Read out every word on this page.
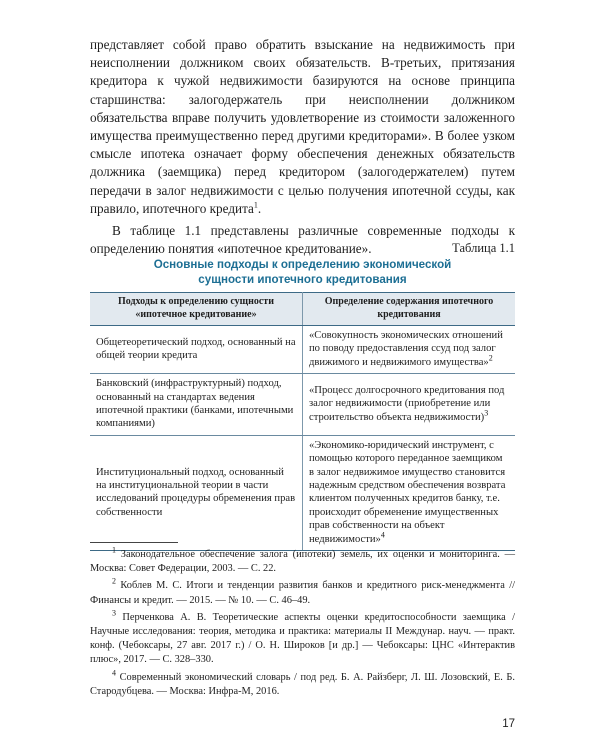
представляет собой право обратить взыскание на недвижимость при неисполнении должником своих обязательств. В-третьих, притязания кредитора к чужой недвижимости базируются на основе принципа старшинства: залогодержатель при неисполнении должником обязательства вправе получить удовлетворение из стоимости заложенного имущества преимущественно перед другими кредиторами». В более узком смысле ипотека означает форму обеспечения денежных обязательств должника (заемщика) перед кредитором (залогодержателем) путем передачи в залог недвижимости с целью получения ипотечной ссуды, как правило, ипотечного кредита$^1$.

В таблице 1.1 представлены различные современные подходы к определению понятия «ипотечное кредитование».	Таблица 1.1
Основные подходы к определению экономической
сущности ипотечного кредитования
Подходы к определению сущности «ипотечное кредитование»	Определение содержания ипотечного кредитования
Общетеоретический подход, основанный на общей теории кредита	«Совокупность экономических отношений по поводу предоставления ссуд под залог движимого и недвижимого имущества»$^2$
Банковский (инфраструктурный) подход, основанный на стандартах ведения ипотечной практики (банками, ипотечными компаниями)	«Процесс долгосрочного кредитования под залог недвижимости (приобретение или строительство объекта недвижимости)$^3$
Институциональный подход, основанный на институциональной теории в части исследований процедуры обременения прав собственности	«Экономико-юридический инструмент, с помощью которого переданное заемщиком в залог недвижимое имущество становится надежным средством обеспечения возврата клиентом полученных кредитов банку, т.е. происходит обременение имущественных прав собственности на объект недвижимости»$^4$

$^1$ Законодательное обеспечение залога (ипотеки) земель, их оценки и мониторинга. — Москва: Совет Федерации, 2003. — С. 22.

$^2$ Коблев М. С. Итоги и тенденции развития банков и кредитного риск-менеджмента // Финансы и кредит. — 2015. — № 10. — С. 46–49.

$^3$ Перченкова А. В. Теоретические аспекты оценки кредитоспособности заемщика / Научные исследования: теория, методика и практика: материалы II Междунар. науч. — практ. конф. (Чебоксары, 27 авг. 2017 г.) / О. Н. Широков [и др.] — Чебоксары: ЦНС «Интерактив плюс», 2017. — С. 328–330.

$^4$ Современный экономический словарь / под ред. Б. А. Райзберг, Л. Ш. Лозовский, Е. Б. Стародубцева. — Москва: Инфра-М, 2016.

17
